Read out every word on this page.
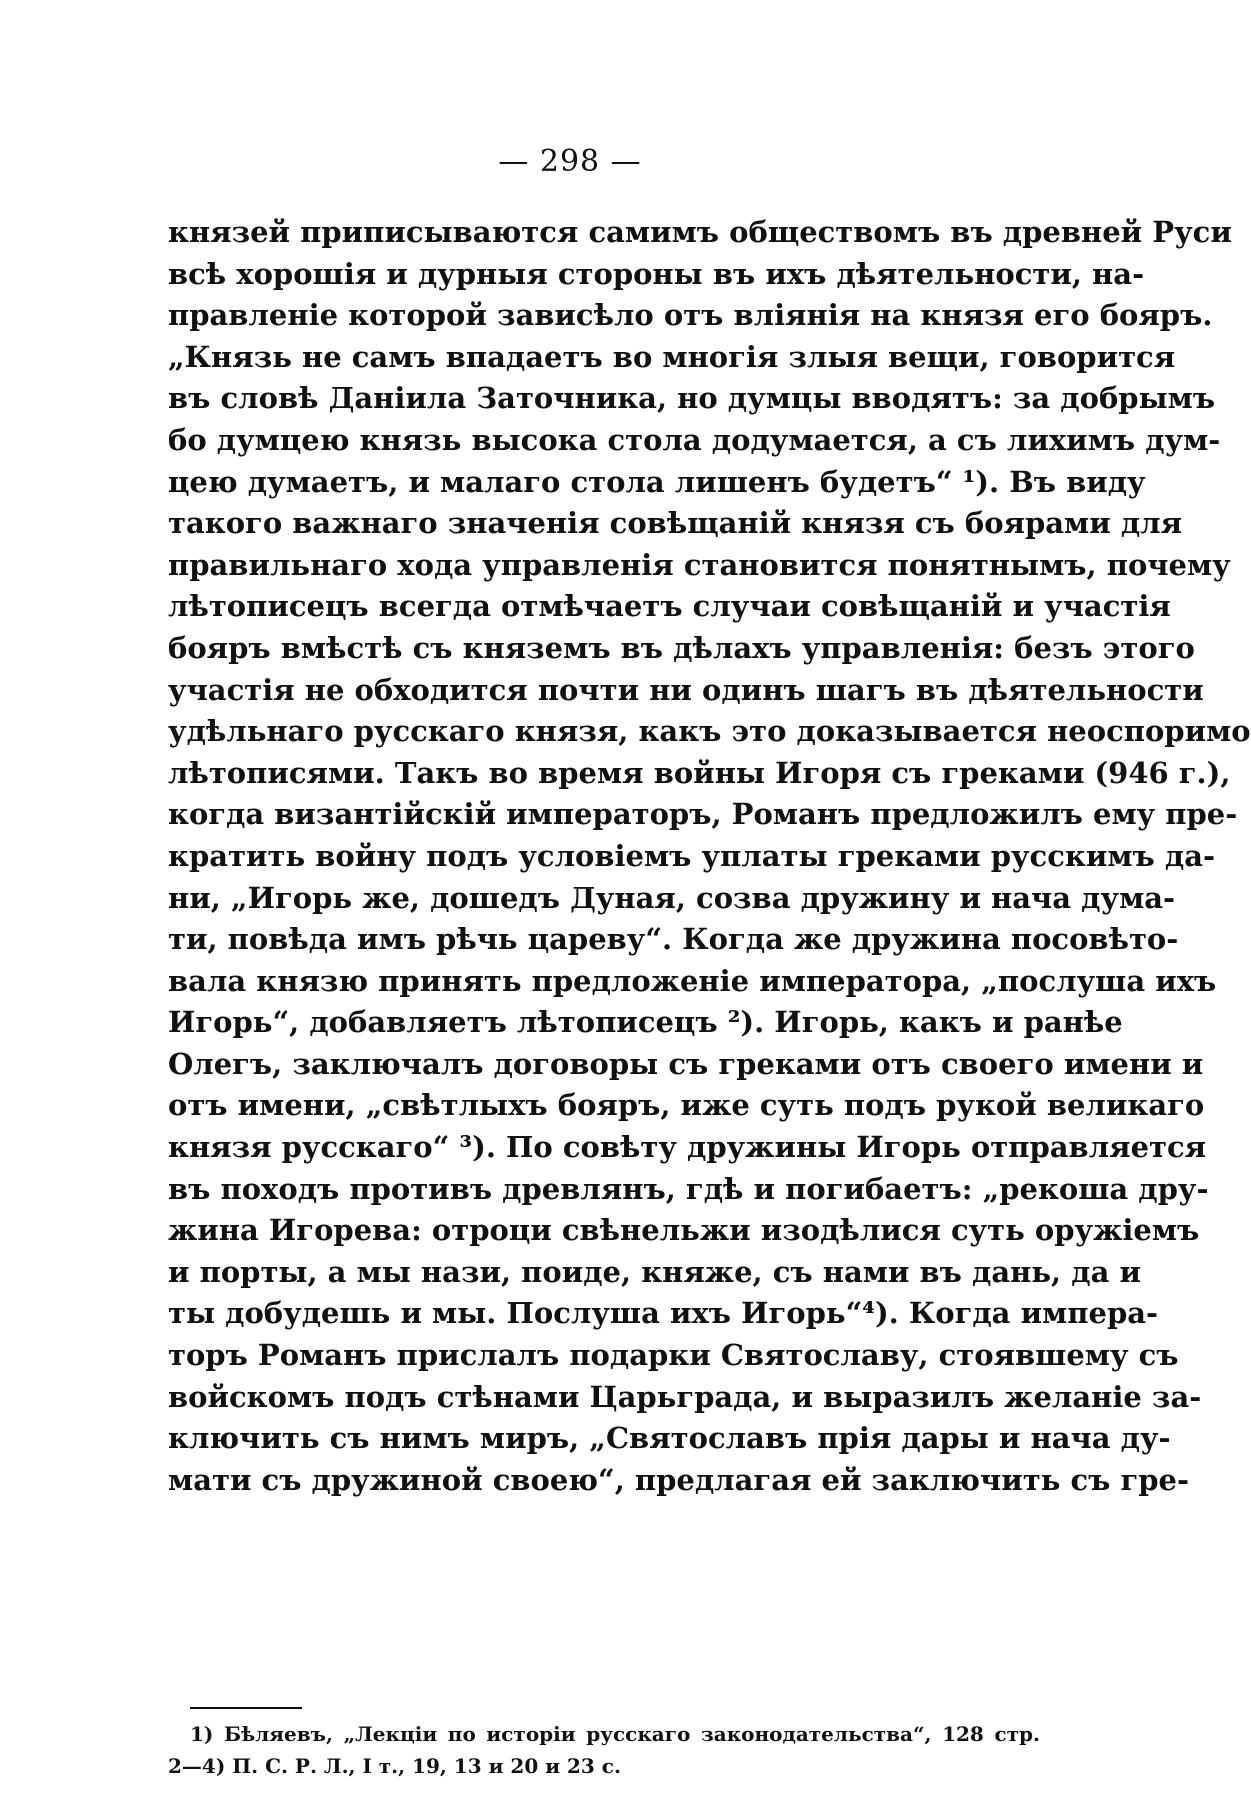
— 298 —
князей приписываются самимъ обществомъ въ древней Руси
всѣ хорошія и дурныя стороны въ ихъ дѣятельности, на-
правленіе которой зависѣло отъ вліянія на князя его бояръ.
„Князь не самъ впадаетъ во многія злыя вещи, говорится
въ словѣ Даніила Заточника, но думцы вводятъ: за добрымъ
бо думцею князь высока стола додумается, а съ лихимъ дум-
цею думаетъ, и малаго стола лишенъ будетъ“ ¹). Въ виду
такого важнаго значенія совѣщаній князя съ боярами для
правильнаго хода управленія становится понятнымъ, почему
лѣтописецъ всегда отмѣчаетъ случаи совѣщаній и участія
бояръ вмѣстѣ съ княземъ въ дѣлахъ управленія: безъ этого
участія не обходится почти ни одинъ шагъ въ дѣятельности
удѣльнаго русскаго князя, какъ это доказывается неоспоримо
лѣтописями. Такъ во время войны Игоря съ греками (946 г.),
когда византійскій императоръ, Романъ предложилъ ему пре-
кратить войну подъ условіемъ уплаты греками русскимъ да-
ни, „Игорь же, дошедъ Дуная, созва дружину и нача дума-
ти, повѣда имъ рѣчь цареву“. Когда же дружина посовѣто-
вала князю принять предложеніе императора, „послуша ихъ
Игорь“, добавляетъ лѣтописецъ ²). Игорь, какъ и ранѣе
Олегъ, заключалъ договоры съ греками отъ своего имени и
отъ имени, „свѣтлыхъ бояръ, иже суть подъ рукой великаго
князя русскаго“ ³). По совѣту дружины Игорь отправляется
въ походъ противъ древлянъ, гдѣ и погибаетъ: „рекоша дру-
жина Игорева: отроци свѣнельжи изодѣлися суть оружіемъ
и порты, а мы нази, поиде, княже, съ нами въ дань, да и
ты добудешь и мы. Послуша ихъ Игорь“⁴). Когда импера-
торъ Романъ прислалъ подарки Святославу, стоявшему съ
войскомъ подъ стѣнами Царьграда, и выразилъ желаніе за-
ключить съ нимъ миръ, „Святославъ прія дары и нача ду-
мати съ дружиной своею“, предлагая ей заключить съ гре-
1) Бѣляевъ, „Лекціи по исторіи русскаго законодательства“, 128 стр.
2—4) П. С. Р. Л., I т., 19, 13 и 20 и 23 с.
